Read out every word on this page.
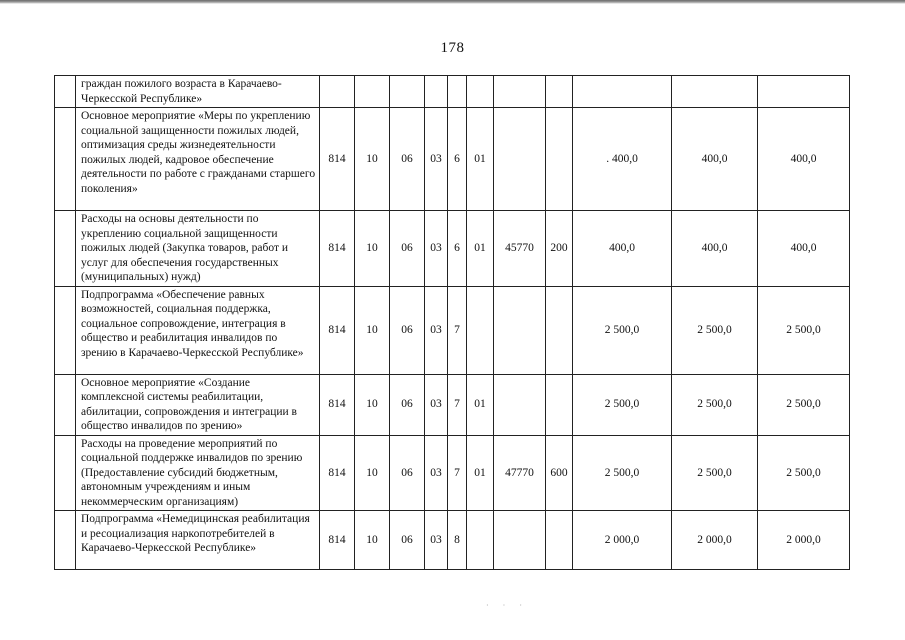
178
	граждан пожилого возраста в Карачаево-Черкесской Республике»											
	Основное мероприятие «Меры по укреплению социальной защищенности пожилых людей, оптимизация среды жизнедеятельности пожилых людей, кадровое обеспечение деятельности по работе с гражданами старшего поколения»	814	10	06	03	6	01			. 400,0	400,0	400,0
	Расходы на основы деятельности по укреплению социальной защищенности пожилых людей (Закупка товаров, работ и услуг для обеспечения государственных (муниципальных) нужд)	814	10	06	03	6	01	45770	200	400,0	400,0	400,0
	Подпрограмма «Обеспечение равных возможностей, социальная поддержка, социальное сопровождение, интеграция в общество и реабилитация инвалидов по зрению в Карачаево-Черкесской Республике»	814	10	06	03	7				2 500,0	2 500,0	2 500,0
	Основное мероприятие «Создание комплексной системы реабилитации, абилитации, сопровождения и интеграции в общество инвалидов по зрению»	814	10	06	03	7	01			2 500,0	2 500,0	2 500,0
	Расходы на проведение мероприятий по социальной поддержке инвалидов по зрению (Предоставление субсидий бюджетным, автономным учреждениям и иным некоммерческим организациям)	814	10	06	03	7	01	47770	600	2 500,0	2 500,0	2 500,0
	Подпрограмма «Немедицинская реабилитация и ресоциализация наркопотребителей в Карачаево-Черкесской Республике»	814	10	06	03	8				2 000,0	2 000,0	2 000,0
· · ·
